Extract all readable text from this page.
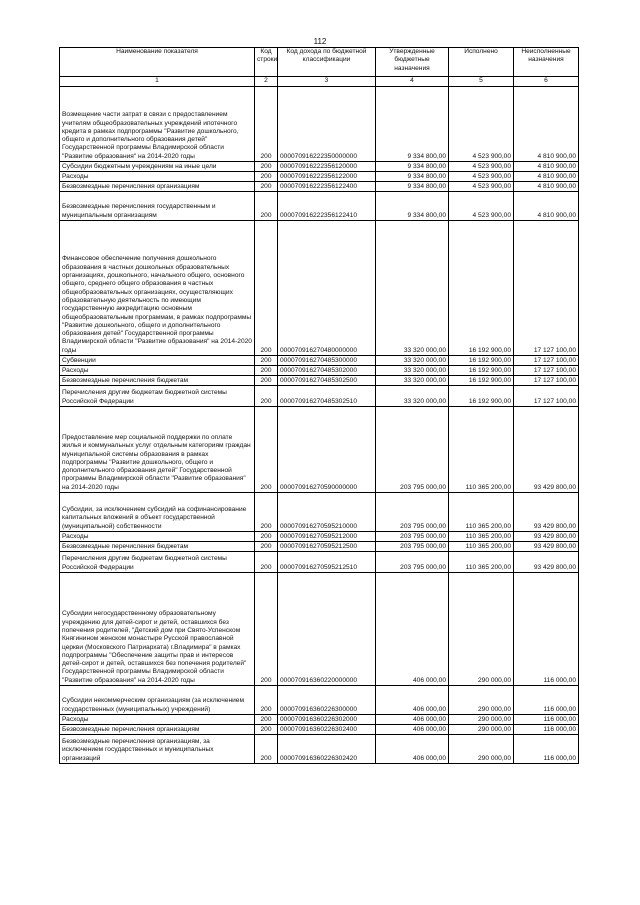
112
Наименование показателя	Код строки	Код дохода по бюджетной классификации	Утвержденные бюджетные назначения	Исполнено	Неисполненные назначения
1	2	3	4	5	6
Возмещение части затрат в связи с предоставлением учителям общеобразовательных учреждений ипотечного кредита в рамках подпрограммы "Развитие дошкольного, общего и дополнительного образования детей" Государственной программы Владимирской области "Развитие образования" на 2014-2020 годы	200	000070916222350000000	9 334 800,00	4 523 900,00	4 810 900,00
Субсидии бюджетным учреждениям на иные цели	200	000070916222356120000	9 334 800,00	4 523 900,00	4 810 900,00
Расходы	200	000070916222356122000	9 334 800,00	4 523 900,00	4 810 900,00
Безвозмездные перечисления организациям	200	000070916222356122400	9 334 800,00	4 523 900,00	4 810 900,00
Безвозмездные перечисления государственным и муниципальным организациям	200	000070916222356122410	9 334 800,00	4 523 900,00	4 810 900,00
Финансовое обеспечение получения дошкольного образования в частных дошкольных образовательных организациях, дошкольного, начального общего, основного общего, среднего общего образования в частных общеобразовательных организациях, осуществляющих образовательную деятельность по имеющим государственную аккредитацию основным общеобразовательным программам, в рамках подпрограммы "Развитие дошкольного, общего и дополнительного образования детей" Государственной программы Владимирской области "Развитие образования" на 2014-2020 годы	200	000070916270480000000	33 320 000,00	16 192 900,00	17 127 100,00
Субвенции	200	000070916270485300000	33 320 000,00	16 192 900,00	17 127 100,00
Расходы	200	000070916270485302000	33 320 000,00	16 192 900,00	17 127 100,00
Безвозмездные перечисления бюджетам	200	000070916270485302500	33 320 000,00	16 192 900,00	17 127 100,00
Перечисления другим бюджетам бюджетной системы Российской Федерации	200	000070916270485302510	33 320 000,00	16 192 900,00	17 127 100,00
Предоставление мер социальной поддержки по оплате жилья и коммунальных услуг отдельным категориям граждан муниципальной системы образования в рамках подпрограммы "Развитие дошкольного, общего и дополнительного образования детей" Государственной программы Владимирской области "Развитие образования" на 2014-2020 годы	200	000070916270590000000	203 795 000,00	110 365 200,00	93 429 800,00
Субсидии, за исключением субсидий на софинансирование капитальных вложений в объект государственной (муниципальной) собственности	200	000070916270595210000	203 795 000,00	110 365 200,00	93 429 800,00
Расходы	200	000070916270595212000	203 795 000,00	110 365 200,00	93 429 800,00
Безвозмездные перечисления бюджетам	200	000070916270595212500	203 795 000,00	110 365 200,00	93 429 800,00
Перечисления другим бюджетам бюджетной системы Российской Федерации	200	000070916270595212510	203 795 000,00	110 365 200,00	93 429 800,00
Субсидии негосударственному образовательному учреждению для детей-сирот и детей, оставшихся без попечения родителей, "Детский дом при Свято-Успенском Княгинином женском монастыре Русской православной церкви (Московского Патриархата) г.Владимира" в рамках подпрограммы "Обеспечение защиты прав и интересов детей-сирот и детей, оставшихся без попечения родителей" Государственной программы Владимирской области "Развитие образования" на 2014-2020 годы	200	000070916360220000000	406 000,00	290 000,00	116 000,00
Субсидии некоммерческим организациям (за исключением государственных (муниципальных) учреждений)	200	000070916360226300000	406 000,00	290 000,00	116 000,00
Расходы	200	000070916360226302000	406 000,00	290 000,00	116 000,00
Безвозмездные перечисления организациям	200	000070916360226302400	406 000,00	290 000,00	116 000,00
Безвозмездные перечисления организациям, за исключением государственных и муниципальных организаций	200	000070916360226302420	406 000,00	290 000,00	116 000,00
